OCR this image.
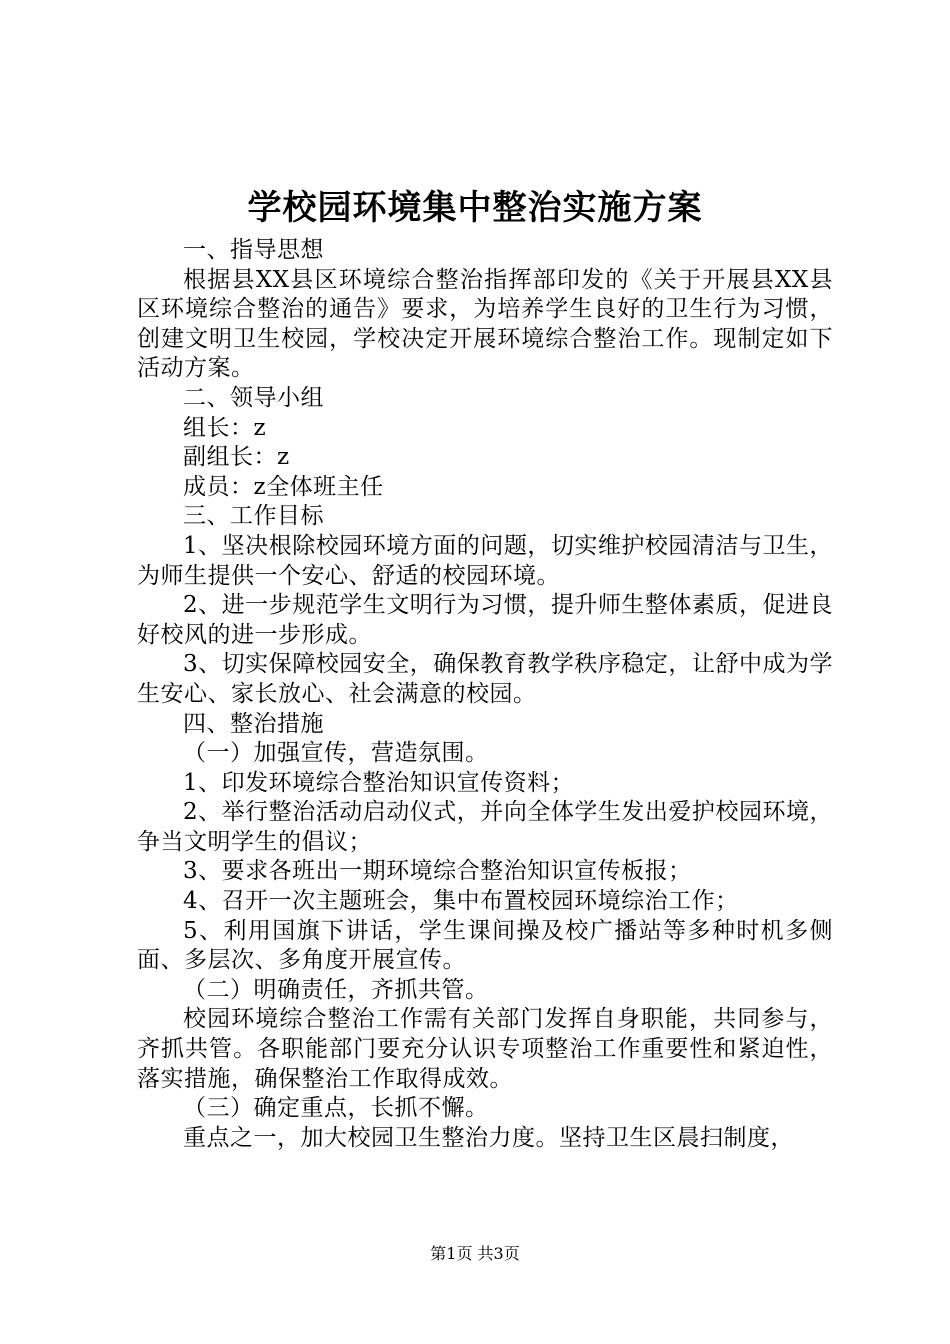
学校园环境集中整治实施方案

一、指导思想

根据县XX县区环境综合整治指挥部印发的《关于开展县XX县区环境综合整治的通告》要求，为培养学生良好的卫生行为习惯，创建文明卫生校园，学校决定开展环境综合整治工作。现制定如下活动方案。

二、领导小组

组长：z

副组长：z

成员：z全体班主任

三、工作目标

1、坚决根除校园环境方面的问题，切实维护校园清洁与卫生，为师生提供一个安心、舒适的校园环境。

2、进一步规范学生文明行为习惯，提升师生整体素质，促进良好校风的进一步形成。

3、切实保障校园安全，确保教育教学秩序稳定，让舒中成为学生安心、家长放心、社会满意的校园。

四、整治措施

（一）加强宣传，营造氛围。

1、印发环境综合整治知识宣传资料；

2、举行整治活动启动仪式，并向全体学生发出爱护校园环境，争当文明学生的倡议；

3、要求各班出一期环境综合整治知识宣传板报；

4、召开一次主题班会，集中布置校园环境综治工作；

5、利用国旗下讲话，学生课间操及校广播站等多种时机多侧面、多层次、多角度开展宣传。

（二）明确责任，齐抓共管。

校园环境综合整治工作需有关部门发挥自身职能，共同参与，齐抓共管。各职能部门要充分认识专项整治工作重要性和紧迫性，落实措施，确保整治工作取得成效。

（三）确定重点，长抓不懈。

重点之一，加大校园卫生整治力度。坚持卫生区晨扫制度，

第1页 共3页
